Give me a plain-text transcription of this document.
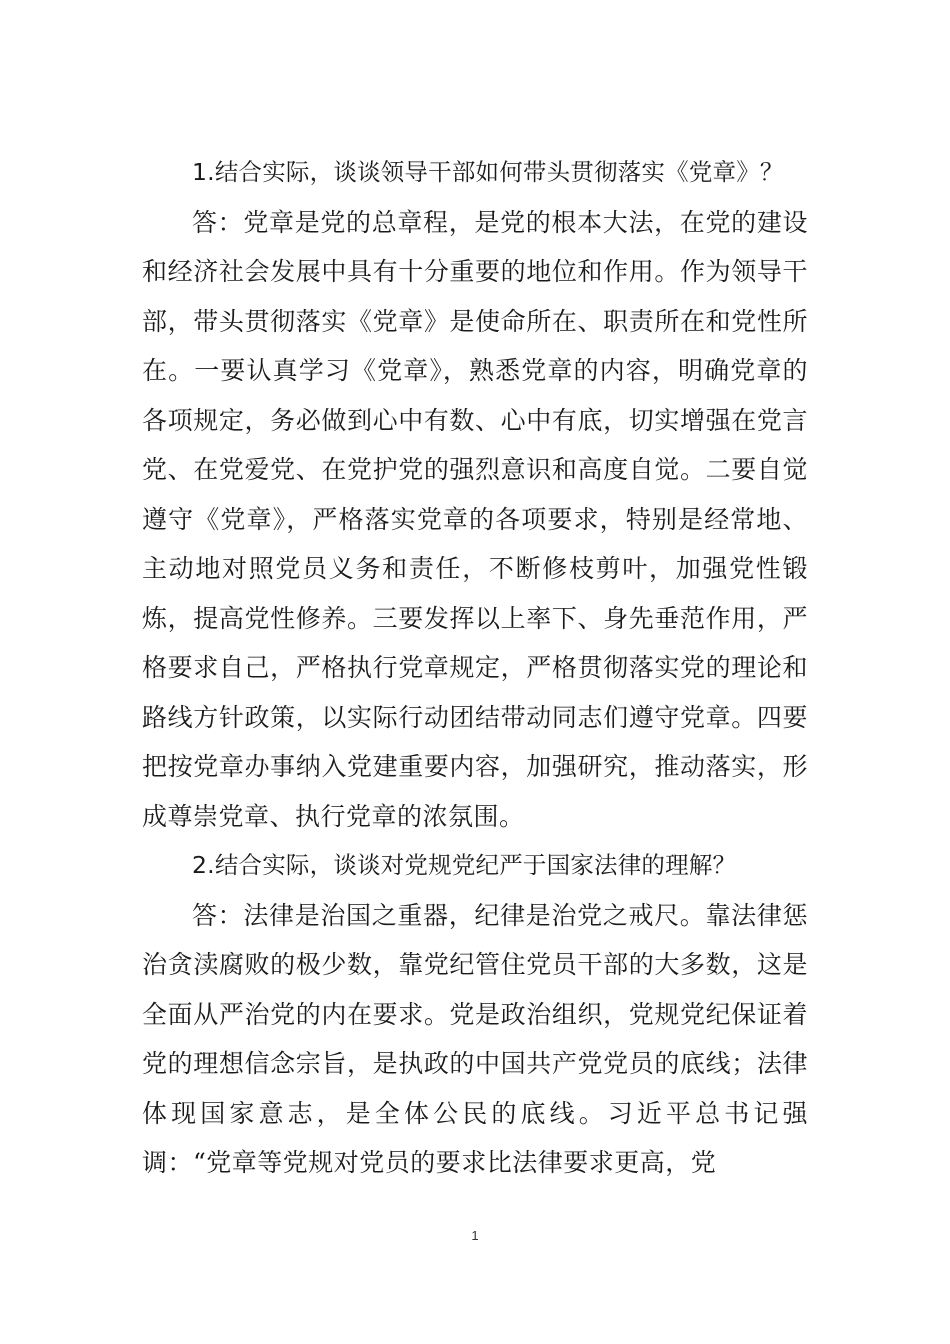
1.结合实际，谈谈领导干部如何带头贯彻落实《党章》？

答：党章是党的总章程，是党的根本大法，在党的建设和经济社会发展中具有十分重要的地位和作用。作为领导干部，带头贯彻落实《党章》是使命所在、职责所在和党性所在。一要认真学习《党章》，熟悉党章的内容，明确党章的各项规定，务必做到心中有数、心中有底，切实增强在党言党、在党爱党、在党护党的强烈意识和高度自觉。二要自觉遵守《党章》，严格落实党章的各项要求，特别是经常地、主动地对照党员义务和责任，不断修枝剪叶，加强党性锻炼，提高党性修养。三要发挥以上率下、身先垂范作用，严格要求自己，严格执行党章规定，严格贯彻落实党的理论和路线方针政策，以实际行动团结带动同志们遵守党章。四要把按党章办事纳入党建重要内容，加强研究，推动落实，形成尊崇党章、执行党章的浓氛围。

2.结合实际，谈谈对党规党纪严于国家法律的理解？

答：法律是治国之重器，纪律是治党之戒尺。靠法律惩治贪渎腐败的极少数，靠党纪管住党员干部的大多数，这是全面从严治党的内在要求。党是政治组织，党规党纪保证着党的理想信念宗旨，是执政的中国共产党党员的底线；法律体现国家意志，是全体公民的底线。习近平总书记强调：“党章等党规对党员的要求比法律要求更高，党

1
